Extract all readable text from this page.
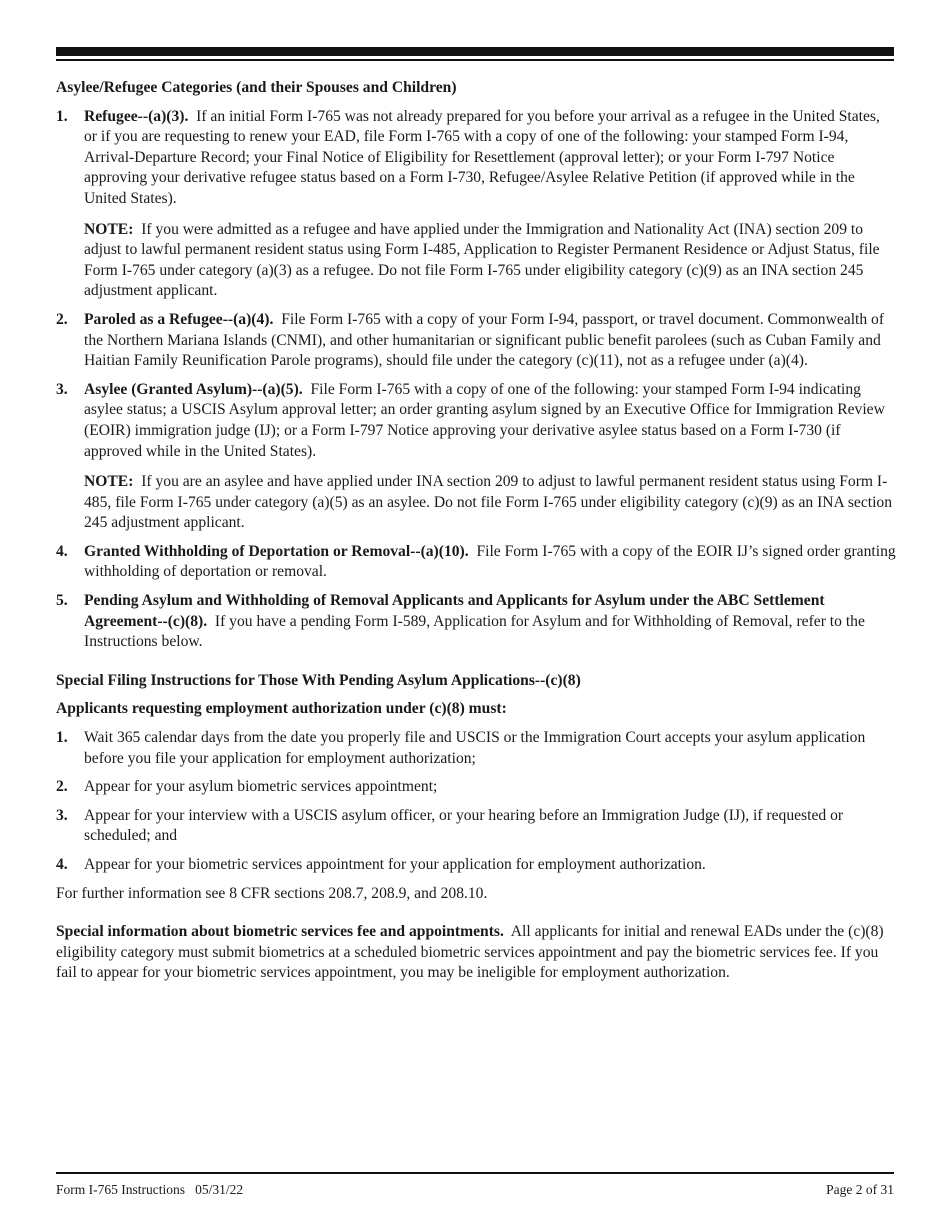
Asylee/Refugee Categories (and their Spouses and Children)
1. Refugee--(a)(3). If an initial Form I-765 was not already prepared for you before your arrival as a refugee in the United States, or if you are requesting to renew your EAD, file Form I-765 with a copy of one of the following: your stamped Form I-94, Arrival-Departure Record; your Final Notice of Eligibility for Resettlement (approval letter); or your Form I-797 Notice approving your derivative refugee status based on a Form I-730, Refugee/Asylee Relative Petition (if approved while in the United States).

NOTE: If you were admitted as a refugee and have applied under the Immigration and Nationality Act (INA) section 209 to adjust to lawful permanent resident status using Form I-485, Application to Register Permanent Residence or Adjust Status, file Form I-765 under category (a)(3) as a refugee. Do not file Form I-765 under eligibility category (c)(9) as an INA section 245 adjustment applicant.

2. Paroled as a Refugee--(a)(4). File Form I-765 with a copy of your Form I-94, passport, or travel document. Commonwealth of the Northern Mariana Islands (CNMI), and other humanitarian or significant public benefit parolees (such as Cuban Family and Haitian Family Reunification Parole programs), should file under the category (c)(11), not as a refugee under (a)(4).

3. Asylee (Granted Asylum)--(a)(5). File Form I-765 with a copy of one of the following: your stamped Form I-94 indicating asylee status; a USCIS Asylum approval letter; an order granting asylum signed by an Executive Office for Immigration Review (EOIR) immigration judge (IJ); or a Form I-797 Notice approving your derivative asylee status based on a Form I-730 (if approved while in the United States).

NOTE: If you are an asylee and have applied under INA section 209 to adjust to lawful permanent resident status using Form I-485, file Form I-765 under category (a)(5) as an asylee. Do not file Form I-765 under eligibility category (c)(9) as an INA section 245 adjustment applicant.

4. Granted Withholding of Deportation or Removal--(a)(10). File Form I-765 with a copy of the EOIR IJ’s signed order granting withholding of deportation or removal.

5. Pending Asylum and Withholding of Removal Applicants and Applicants for Asylum under the ABC Settlement Agreement--(c)(8). If you have a pending Form I-589, Application for Asylum and for Withholding of Removal, refer to the Instructions below.

Special Filing Instructions for Those With Pending Asylum Applications--(c)(8)
Applicants requesting employment authorization under (c)(8) must:
1. Wait 365 calendar days from the date you properly file and USCIS or the Immigration Court accepts your asylum application before you file your application for employment authorization;

2. Appear for your asylum biometric services appointment;

3. Appear for your interview with a USCIS asylum officer, or your hearing before an Immigration Judge (IJ), if requested or scheduled; and

4. Appear for your biometric services appointment for your application for employment authorization.

For further information see 8 CFR sections 208.7, 208.9, and 208.10.
Special information about biometric services fee and appointments. All applicants for initial and renewal EADs under the (c)(8) eligibility category must submit biometrics at a scheduled biometric services appointment and pay the biometric services fee. If you fail to appear for your biometric services appointment, you may be ineligible for employment authorization.
Form I-765 Instructions   05/31/22	Page 2 of 31
